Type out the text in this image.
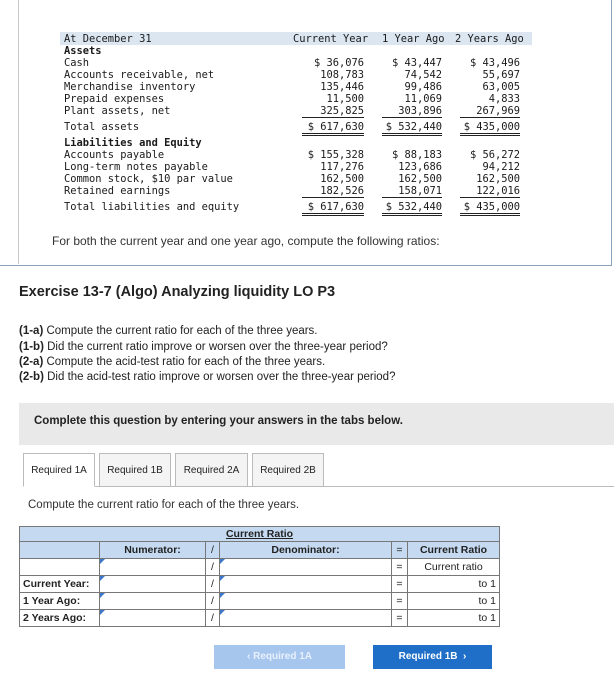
At December 31	Current Year 1 Year Ago 2 Years Ago
Assets
Cash	$ 36,076	$ 43,447	$ 43,496
Accounts receivable, net	108,783	74,542	55,697
Merchandise inventory	135,446	99,486	63,005
Prepaid expenses	11,500	11,069	4,833
Plant assets, net	325,825	303,896	267,969
Total assets	$ 617,630	$ 532,440	$ 435,000
Liabilities and Equity
Accounts payable	$ 155,328	$ 88,183	$ 56,272
Long-term notes payable	117,276	123,686	94,212
Common stock, $10 par value	162,500	162,500	162,500
Retained earnings	182,526	158,071	122,016
Total liabilities and equity	$ 617,630	$ 532,440	$ 435,000
For both the current year and one year ago, compute the following ratios:
Exercise 13-7 (Algo) Analyzing liquidity LO P3
(1-a) Compute the current ratio for each of the three years.
(1-b) Did the current ratio improve or worsen over the three-year period?
(2-a) Compute the acid-test ratio for each of the three years.
(2-b) Did the acid-test ratio improve or worsen over the three-year period?
Complete this question by entering your answers in the tabs below.
Required 1A	Required 1B	Required 2A	Required 2B
Compute the current ratio for each of the three years.
Current Ratio					
	Numerator:	/	Denominator:	=	Current Ratio
		/		=	Current ratio
Current Year:		/		=	to 1
1 Year Ago:		/		=	to 1
2 Years Ago:		/		=	to 1
‹ Required 1A	Required 1B  ›
